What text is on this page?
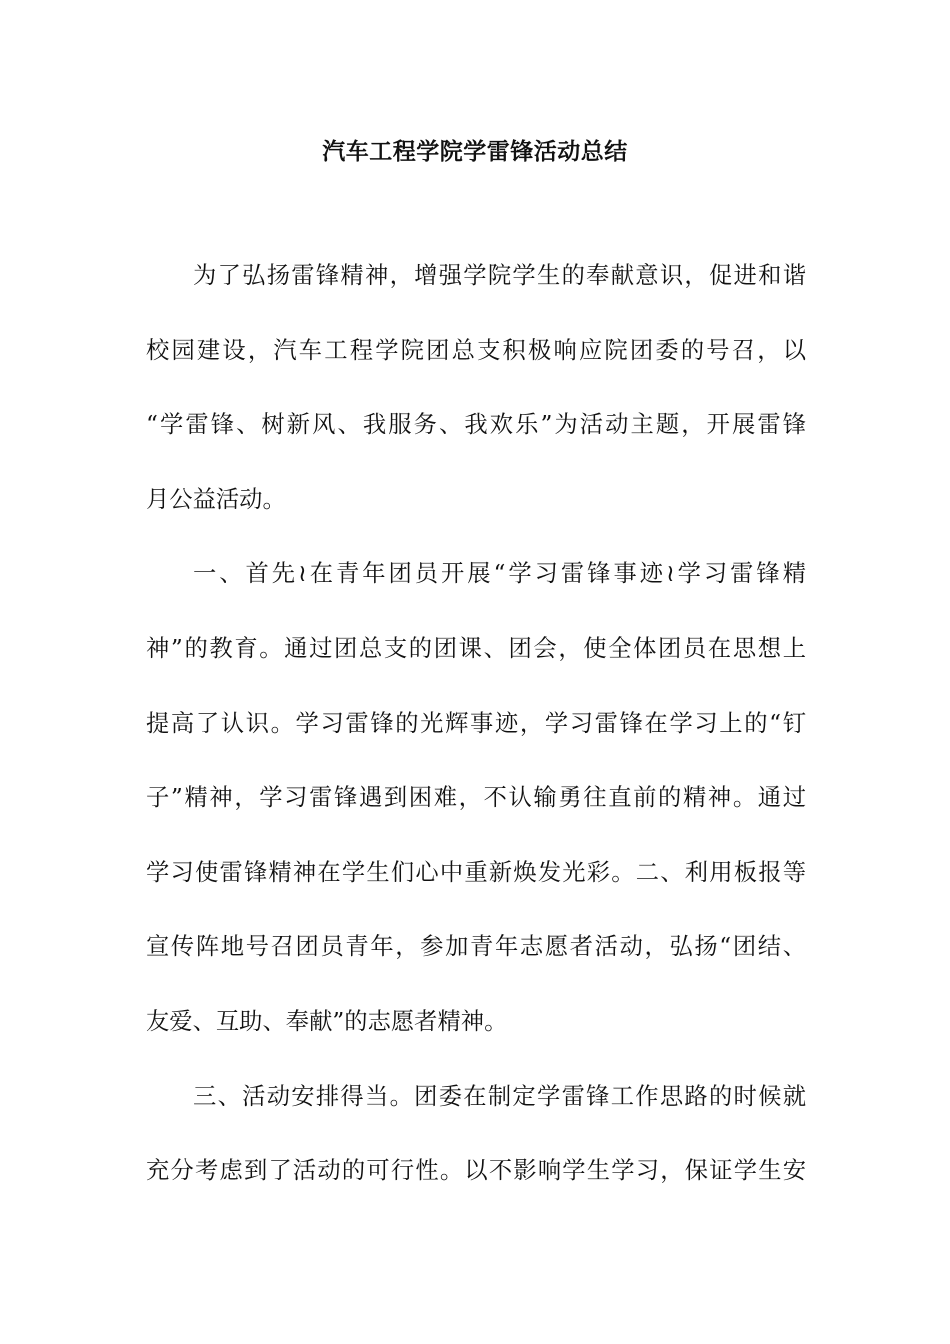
汽车工程学院学雷锋活动总结
为了弘扬雷锋精神，增强学院学生的奉献意识，促进和谐
校园建设，汽车工程学院团总支积极响应院团委的号召，以
“学雷锋、树新风、我服务、我欢乐”为活动主题，开展雷锋
月公益活动。
一、首先≀在青年团员开展“学习雷锋事迹≀学习雷锋精
神”的教育。通过团总支的团课、团会，使全体团员在思想上
提高了认识。学习雷锋的光辉事迹，学习雷锋在学习上的“钉
子”精神，学习雷锋遇到困难，不认输勇往直前的精神。通过
学习使雷锋精神在学生们心中重新焕发光彩。二、利用板报等
宣传阵地号召团员青年，参加青年志愿者活动，弘扬“团结、
友爱、互助、奉献”的志愿者精神。
三、活动安排得当。团委在制定学雷锋工作思路的时候就
充分考虑到了活动的可行性。以不影响学生学习，保证学生安
